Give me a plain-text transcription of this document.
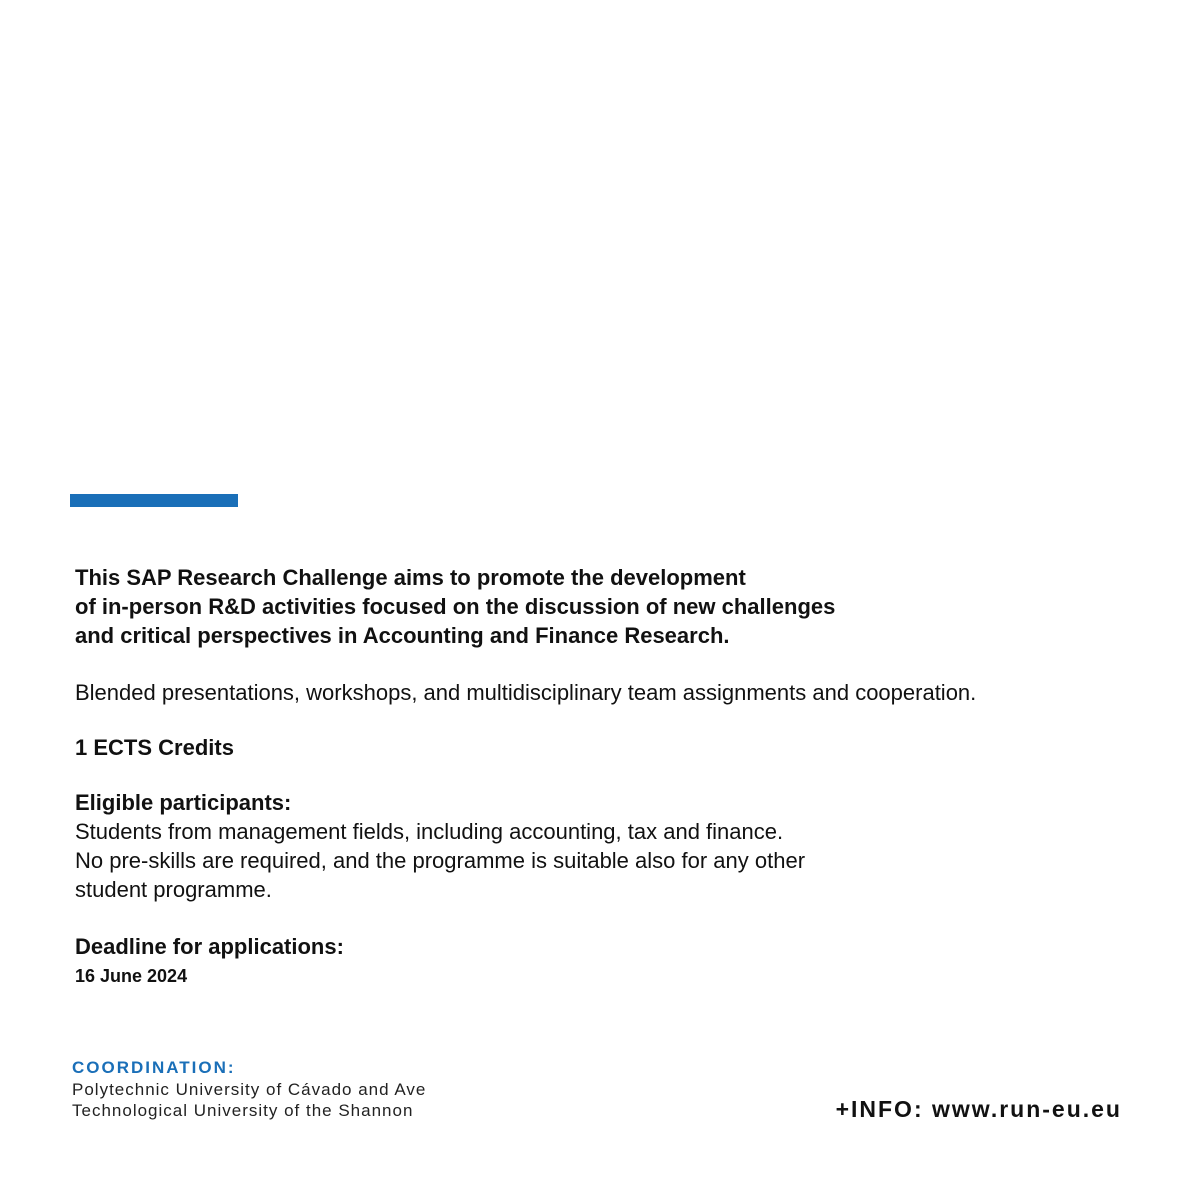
This SAP Research Challenge aims to promote the development
of in-person R&D activities focused on the discussion of new challenges
and critical perspectives in Accounting and Finance Research.

Blended presentations, workshops, and multidisciplinary team assignments and cooperation.

1 ECTS Credits

Eligible participants:

Students from management fields, including accounting, tax and finance.
No pre-skills are required, and the programme is suitable also for any other
student programme.

Deadline for applications:

16 June 2024

COORDINATION:
Polytechnic University of Cávado and Ave
Technological University of the Shannon	+INFO: www.run-eu.eu
